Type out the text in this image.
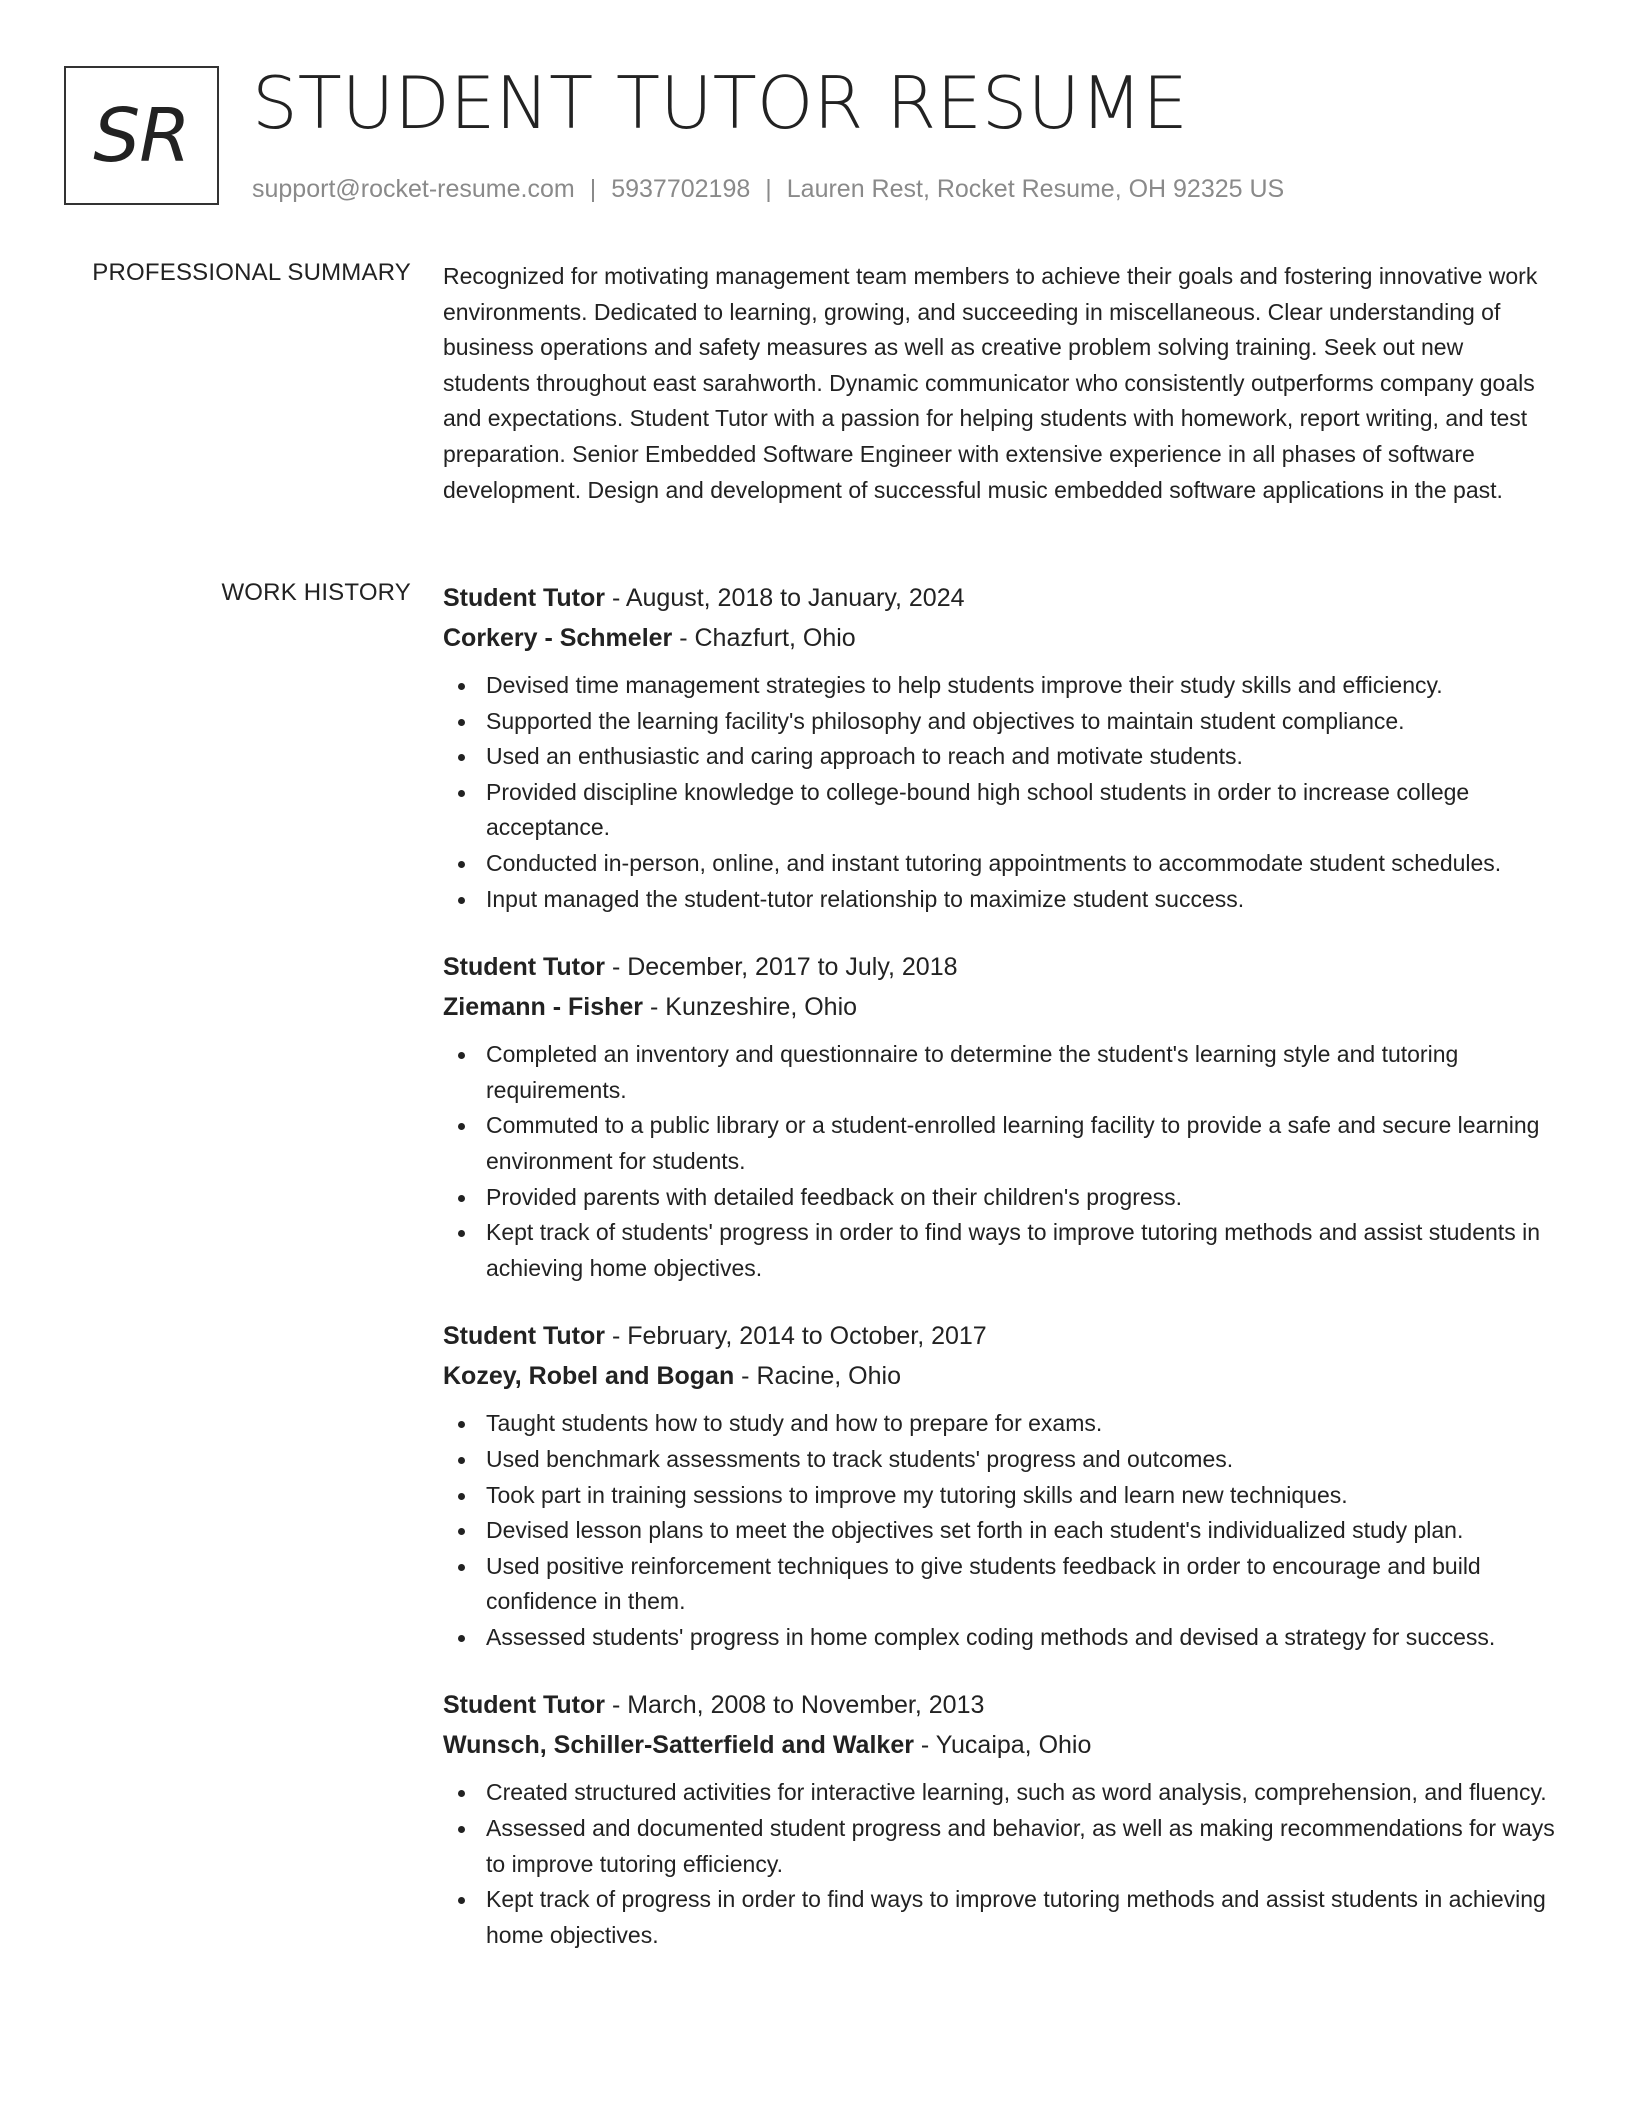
SR STUDENT TUTOR RESUME
support@rocket-resume.com | 5937702198 | Lauren Rest, Rocket Resume, OH 92325 US
PROFESSIONAL SUMMARY Recognized for motivating management team members to achieve their goals and fostering innovative work environments. Dedicated to learning, growing, and succeeding in miscellaneous. Clear understanding of business operations and safety measures as well as creative problem solving training. Seek out new students throughout east sarahworth. Dynamic communicator who consistently outperforms company goals and expectations. Student Tutor with a passion for helping students with homework, report writing, and test preparation. Senior Embedded Software Engineer with extensive experience in all phases of software development. Design and development of successful music embedded software applications in the past.

WORK HISTORY Student Tutor - August, 2018 to January, 2024
Corkery - Schmeler - Chazfurt, Ohio
Devised time management strategies to help students improve their study skills and efficiency.
Supported the learning facility's philosophy and objectives to maintain student compliance.
Used an enthusiastic and caring approach to reach and motivate students.
Provided discipline knowledge to college-bound high school students in order to increase college acceptance.
Conducted in-person, online, and instant tutoring appointments to accommodate student schedules.
Input managed the student-tutor relationship to maximize student success.
Student Tutor - December, 2017 to July, 2018
Ziemann - Fisher - Kunzeshire, Ohio
Completed an inventory and questionnaire to determine the student's learning style and tutoring requirements.
Commuted to a public library or a student-enrolled learning facility to provide a safe and secure learning environment for students.
Provided parents with detailed feedback on their children's progress.
Kept track of students' progress in order to find ways to improve tutoring methods and assist students in achieving home objectives.
Student Tutor - February, 2014 to October, 2017
Kozey, Robel and Bogan - Racine, Ohio
Taught students how to study and how to prepare for exams.
Used benchmark assessments to track students' progress and outcomes.
Took part in training sessions to improve my tutoring skills and learn new techniques.
Devised lesson plans to meet the objectives set forth in each student's individualized study plan.
Used positive reinforcement techniques to give students feedback in order to encourage and build confidence in them.
Assessed students' progress in home complex coding methods and devised a strategy for success.
Student Tutor - March, 2008 to November, 2013
Wunsch, Schiller-Satterfield and Walker - Yucaipa, Ohio
Created structured activities for interactive learning, such as word analysis, comprehension, and fluency.
Assessed and documented student progress and behavior, as well as making recommendations for ways to improve tutoring efficiency.
Kept track of progress in order to find ways to improve tutoring methods and assist students in achieving home objectives.
